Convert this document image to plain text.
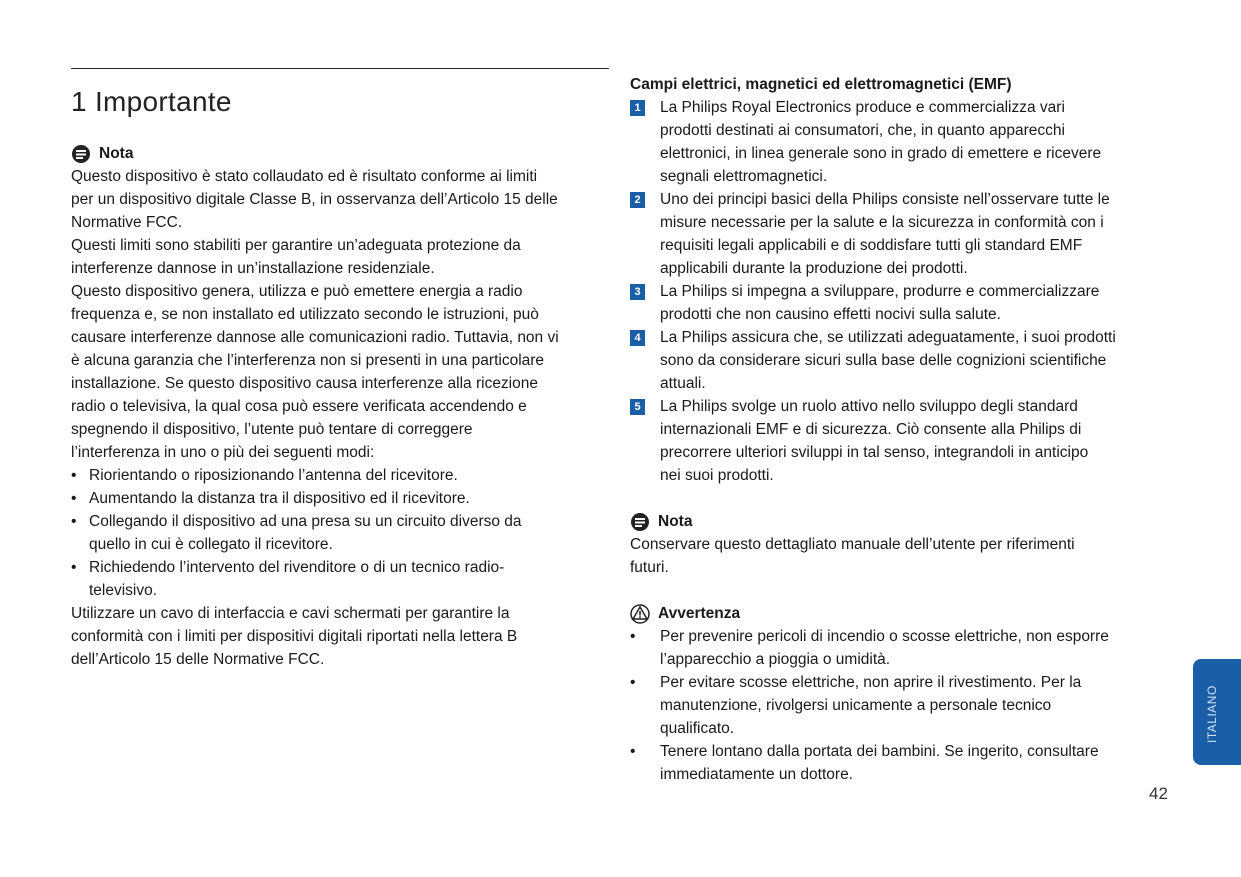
1 Importante
Nota
Questo dispositivo è stato collaudato ed è risultato conforme ai limiti
per un dispositivo digitale Classe B, in osservanza dell’Articolo 15 delle
Normative FCC.
Questi limiti sono stabiliti per garantire un’adeguata protezione da
interferenze dannose in un’installazione residenziale.
Questo dispositivo genera, utilizza e può emettere energia a radio
frequenza e, se non installato ed utilizzato secondo le istruzioni, può
causare interferenze dannose alle comunicazioni radio. Tuttavia, non vi
è alcuna garanzia che l’interferenza non si presenti in una particolare
installazione. Se questo dispositivo causa interferenze alla ricezione
radio o televisiva, la qual cosa può essere verificata accendendo e
spegnendo il dispositivo, l’utente può tentare di correggere
l’interferenza in uno o più dei seguenti modi:
• Riorientando o riposizionando l’antenna del ricevitore.
• Aumentando la distanza tra il dispositivo ed il ricevitore.
• Collegando il dispositivo ad una presa su un circuito diverso da
quello in cui è collegato il ricevitore.
• Richiedendo l’intervento del rivenditore o di un tecnico radio-
televisivo.
Utilizzare un cavo di interfaccia e cavi schermati per garantire la
conformità con i limiti per dispositivi digitali riportati nella lettera B
dell’Articolo 15 delle Normative FCC.
Campi elettrici, magnetici ed elettromagnetici (EMF)
1 La Philips Royal Electronics produce e commercializza vari
prodotti destinati ai consumatori, che, in quanto apparecchi
elettronici, in linea generale sono in grado di emettere e ricevere
segnali elettromagnetici.
2 Uno dei principi basici della Philips consiste nell’osservare tutte le
misure necessarie per la salute e la sicurezza in conformità con i
requisiti legali applicabili e di soddisfare tutti gli standard EMF
applicabili durante la produzione dei prodotti.
3 La Philips si impegna a sviluppare, produrre e commercializzare
prodotti che non causino effetti nocivi sulla salute.
4 La Philips assicura che, se utilizzati adeguatamente, i suoi prodotti
sono da considerare sicuri sulla base delle cognizioni scientifiche
attuali.
5 La Philips svolge un ruolo attivo nello sviluppo degli standard
internazionali EMF e di sicurezza. Ciò consente alla Philips di
precorrere ulteriori sviluppi in tal senso, integrandoli in anticipo
nei suoi prodotti.
Nota
Conservare questo dettagliato manuale dell’utente per riferimenti
futuri.
Avvertenza
• Per prevenire pericoli di incendio o scosse elettriche, non esporre
l’apparecchio a pioggia o umidità.
• Per evitare scosse elettriche, non aprire il rivestimento. Per la
manutenzione, rivolgersi unicamente a personale tecnico
qualificato.
• Tenere lontano dalla portata dei bambini. Se ingerito, consultare
immediatamente un dottore.
ITALIANO
42
